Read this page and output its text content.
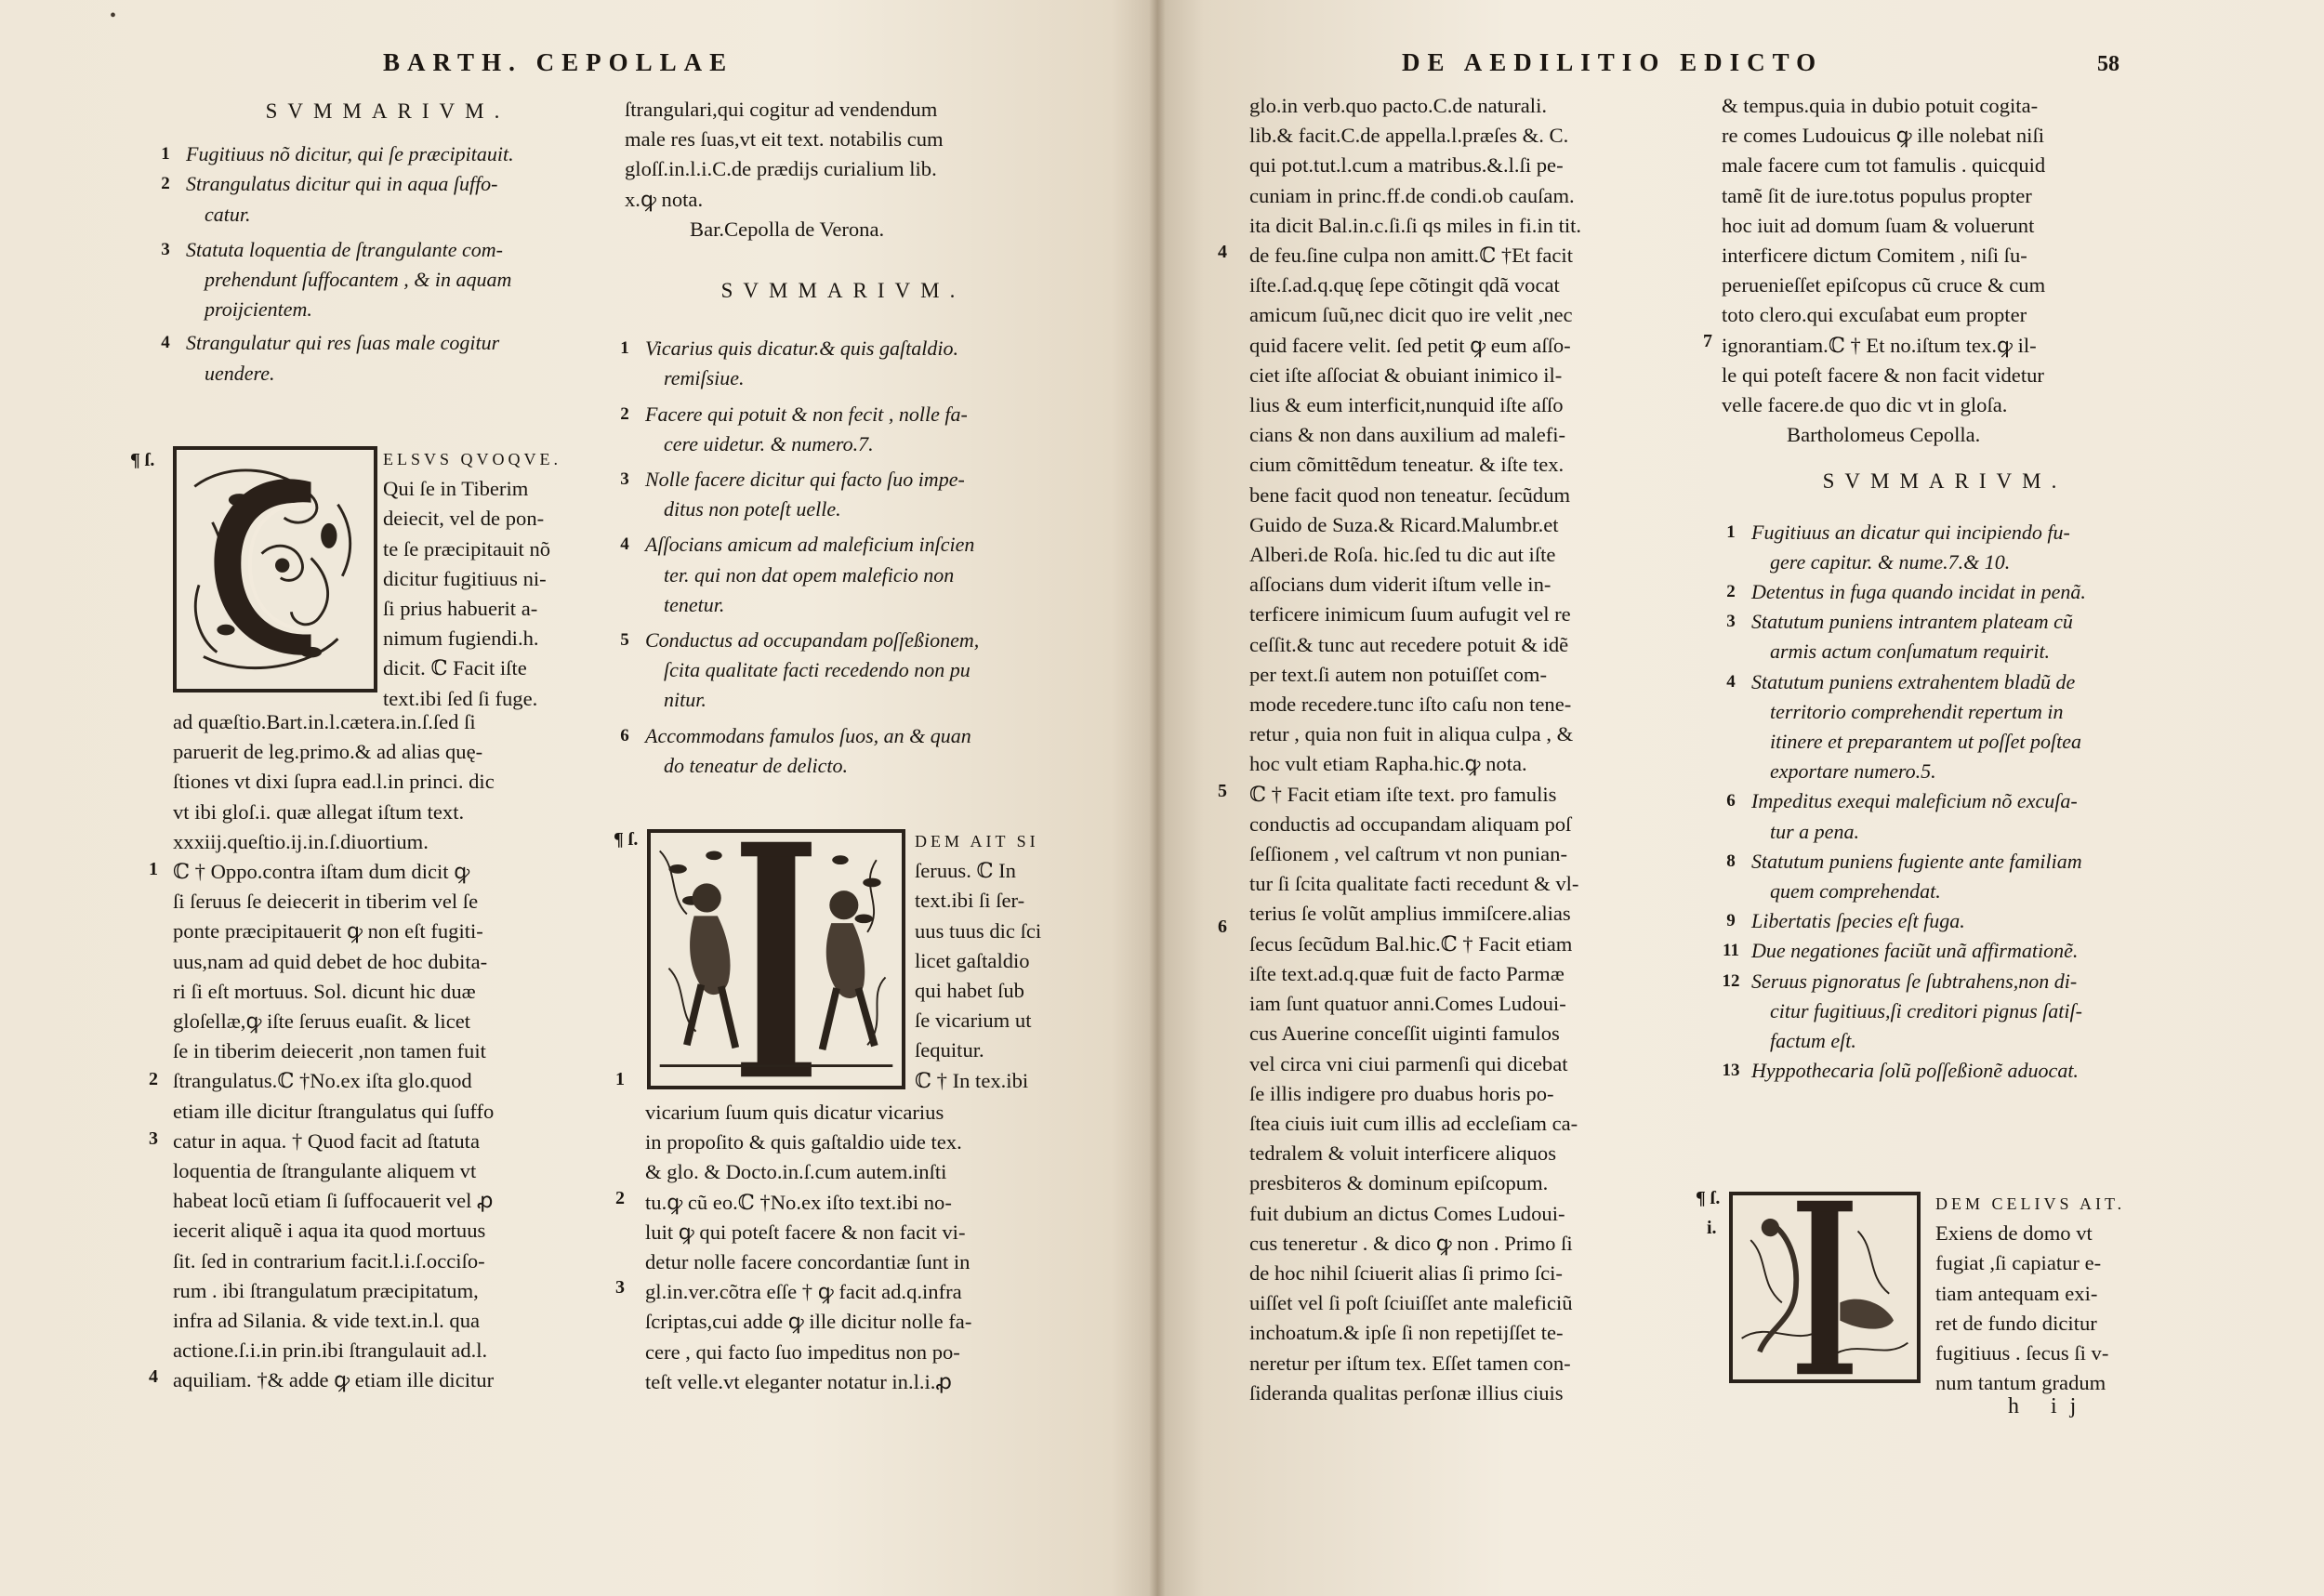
•
BARTH. CEPOLLAE
SVMMARIVM.
1 Fugitiuus nõ dicitur, qui ſe præcipitauit.
2 Strangulatus dicitur qui in aqua ſuffo-
catur.
3 Statuta loquentia de ſtrangulante com-
prehendunt ſuffocantem , & in aquam
proijcientem.
4 Strangulatur qui res ſuas male cogitur
uendere.
¶ ſ.	ELSVS QVOQVE.
Qui ſe in Tiberim
deiecit, vel de pon-
te ſe præcipitauit nõ
dicitur fugitiuus ni-
ſi prius habuerit a-
nimum fugiendi.h.
dicit. ℂ Facit iſte
text.ibi ſed ſi fuge.
ad quæſtio.Bart.in.l.cætera.in.ſ.ſed ſi
paruerit de leg.primo.& ad alias quę-
ſtiones vt dixi ſupra ead.l.in princi. dic
vt ibi gloſ.i. quæ allegat iſtum text.
xxxiij.queſtio.ij.in.ſ.diuortium.
ℂ † Oppo.contra iſtam dum dicit ꝙ
ſi ſeruus ſe deiecerit in tiberim vel ſe
ponte præcipitauerit ꝙ non eſt fugiti-
uus,nam ad quid debet de hoc dubita-
ri ſi eſt mortuus. Sol. dicunt hic duæ
gloſellæ,ꝙ iſte ſeruus euaſit. & licet
ſe in tiberim deiecerit ,non tamen fuit
ſtrangulatus.ℂ †No.ex iſta glo.quod
etiam ille dicitur ſtrangulatus qui ſuffo
catur in aqua. † Quod facit ad ſtatuta
loquentia de ſtrangulante aliquem vt
habeat locũ etiam ſi ſuffocauerit vel ꝓ
iecerit aliquẽ i aqua ita quod mortuus
ſit. ſed in contrarium facit.l.i.ſ.occiſo-
rum . ibi ſtrangulatum præcipitatum,
infra ad Silania. & vide text.in.l. qua
actione.ſ.i.in prin.ibi ſtrangulauit ad.l.
aquiliam. †& adde ꝙ etiam ille dicitur
1
2
3
4
ſtrangulari,qui cogitur ad vendendum
male res ſuas,vt eit text. notabilis cum
gloſſ.in.l.i.C.de prædijs curialium lib.
x.ꝙ nota.
Bar.Cepolla de Verona.
SVMMARIVM.
1 Vicarius quis dicatur.& quis gaſtaldio.
remiſsiue.
2 Facere qui potuit & non fecit , nolle fa-
cere uidetur. & numero.7.
3 Nolle facere dicitur qui facto ſuo impe-
ditus non poteſt uelle.
4 Aſſocians amicum ad maleficium inſcien
ter. qui non dat opem maleficio non
tenetur.
5 Conductus ad occupandam poſſeßionem,
ſcita qualitate facti recedendo non pu
nitur.
6 Accommodans famulos ſuos, an & quan
do teneatur de delicto.
¶ ſ.	DEM AIT SI
ſeruus. ℂ In
text.ibi ſi ſer-
uus tuus dic ſci
licet gaſtaldio
qui habet ſub
ſe vicarium ut
ſequitur.
ℂ † In tex.ibi
vicarium ſuum quis dicatur vicarius
in propoſito & quis gaſtaldio uide tex.
& glo. & Docto.in.ſ.cum autem.inſti
tu.ꝙ cũ eo.ℂ †No.ex iſto text.ibi no-
luit ꝙ qui poteſt facere & non facit vi-
detur nolle facere concordantiæ ſunt in
gl.in.ver.cõtra eſſe † ꝙ facit ad.q.infra
ſcriptas,cui adde ꝙ ille dicitur nolle fa-
cere , qui facto ſuo impeditus non po-
teſt velle.vt eleganter notatur in.l.i.ꝓ
1
2
3
DE AEDILITIO EDICTO	58
glo.in verb.quo pacto.C.de naturali.
lib.& facit.C.de appella.l.præſes &. C.
qui pot.tut.l.cum a matribus.&.l.ſi pe-
cuniam in princ.ff.de condi.ob cauſam.
ita dicit Bal.in.c.ſi.ſi qs miles in fi.in tit.
de feu.ſine culpa non amitt.ℂ †Et facit
iſte.ſ.ad.q.quę ſepe cõtingit qdã vocat
amicum ſuũ,nec dicit quo ire velit ,nec
quid facere velit. ſed petit ꝙ eum aſſo-
ciet iſte aſſociat & obuiant inimico il-
lius & eum interficit,nunquid iſte aſſo
cians & non dans auxilium ad malefi-
cium cõmittẽdum teneatur. & iſte tex.
bene facit quod non teneatur. ſecũdum
Guido de Suza.& Ricard.Malumbr.et
Alberi.de Roſa. hic.ſed tu dic aut iſte
aſſocians dum viderit iſtum velle in-
terficere inimicum ſuum aufugit vel re
ceſſit.& tunc aut recedere potuit & idẽ
per text.ſi autem non potuiſſet com-
mode recedere.tunc iſto caſu non tene-
retur , quia non fuit in aliqua culpa , &
hoc vult etiam Rapha.hic.ꝙ nota.
ℂ † Facit etiam iſte text. pro famulis
conductis ad occupandam aliquam poſ
ſeſſionem , vel caſtrum vt non punian-
tur ſi ſcita qualitate facti recedunt & vl-
terius ſe volũt amplius immiſcere.alias
ſecus ſecũdum Bal.hic.ℂ † Facit etiam
iſte text.ad.q.quæ fuit de facto Parmæ
iam ſunt quatuor anni.Comes Ludoui-
cus Auerine conceſſit uiginti famulos
vel circa vni ciui parmenſi qui dicebat
ſe illis indigere pro duabus horis po-
ſtea ciuis iuit cum illis ad eccleſiam ca-
tedralem & voluit interficere aliquos
presbiteros & dominum epiſcopum.
fuit dubium an dictus Comes Ludoui-
cus teneretur . & dico ꝙ non . Primo ſi
de hoc nihil ſciuerit alias ſi primo ſci-
uiſſet vel ſi poſt ſciuiſſet ante maleficiũ
inchoatum.& ipſe ſi non repetijſſet te-
neretur per iſtum tex. Eſſet tamen con-
ſideranda qualitas perſonæ illius ciuis
4
5
6
& tempus.quia in dubio potuit cogita-
re comes Ludouicus ꝙ ille nolebat niſi
male facere cum tot famulis . quicquid
tamẽ ſit de iure.totus populus propter
hoc iuit ad domum ſuam & voluerunt
interficere dictum Comitem , niſi ſu-
peruenieſſet epiſcopus cũ cruce & cum
toto clero.qui excuſabat eum propter
ignorantiam.ℂ † Et no.iſtum tex.ꝙ il-
le qui poteſt facere & non facit videtur
velle facere.de quo dic vt in gloſa.
Bartholomeus Cepolla.
SVMMARIVM.
1 Fugitiuus an dicatur qui incipiendo fu-
gere capitur. & nume.7.& 10.
2 Detentus in fuga quando incidat in penã.
3 Statutum puniens intrantem plateam cũ
armis actum conſumatum requirit.
4 Statutum puniens extrahentem bladũ de
territorio comprehendit repertum in
itinere et preparantem ut poſſet poſtea
exportare numero.5.
6 Impeditus exequi maleficium nõ excuſa-
tur a pena.
8 Statutum puniens fugiente ante familiam
quem comprehendat.
9 Libertatis ſpecies eſt fuga.
11 Due negationes faciũt unã affirmationẽ.
12 Seruus pignoratus ſe ſubtrahens,non di-
citur fugitiuus,ſi creditori pignus ſatiſ-
factum eſt.
13 Hyppothecaria ſolũ poſſeßionẽ aduocat.
7
¶ ſ.
i.
DEM CELIVS AIT.
Exiens de domo vt
fugiat ,ſi capiatur e-
tiam antequam exi-
ret de fundo dicitur
fugitiuus . ſecus ſi v-
num tantum gradum
h ij
